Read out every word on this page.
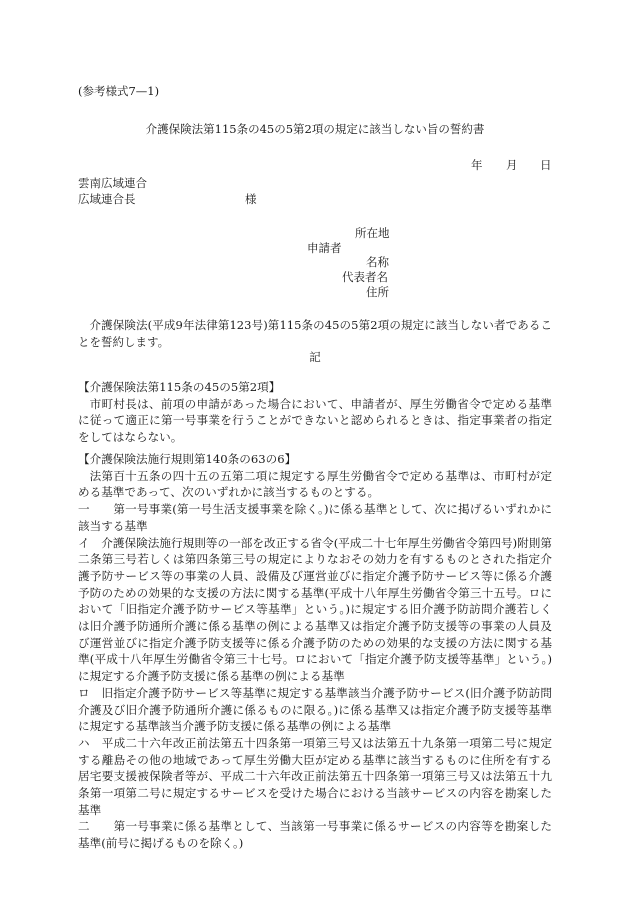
(参考様式7—1)
介護保険法第115条の45の5第2項の規定に該当しない旨の誓約書
年 月 日
雲南広域連合
広域連合長	様
所在地
申請者
名称
代表者名
住所
介護保険法(平成9年法律第123号)第115条の45の5第2項の規定に該当しない者であることを誓約します。
記
【介護保険法第115条の45の5第2項】
市町村長は、前項の申請があった場合において、申請者が、厚生労働省令で定める基準に従って適正に第一号事業を行うことができないと認められるときは、指定事業者の指定をしてはならない。
【介護保険法施行規則第140条の63の6】
法第百十五条の四十五の五第二項に規定する厚生労働省令で定める基準は、市町村が定める基準であって、次のいずれかに該当するものとする。
一　　第一号事業(第一号生活支援事業を除く。)に係る基準として、次に掲げるいずれかに該当する基準
イ　介護保険法施行規則等の一部を改正する省令(平成二十七年厚生労働省令第四号)附則第二条第三号若しくは第四条第三号の規定によりなおその効力を有するものとされた指定介護予防サービス等の事業の人員、設備及び運営並びに指定介護予防サービス等に係る介護予防のための効果的な支援の方法に関する基準(平成十八年厚生労働省令第三十五号。ロにおいて「旧指定介護予防サービス等基準」という。)に規定する旧介護予防訪問介護若しくは旧介護予防通所介護に係る基準の例による基準又は指定介護予防支援等の事業の人員及び運営並びに指定介護予防支援等に係る介護予防のための効果的な支援の方法に関する基準(平成十八年厚生労働省令第三十七号。ロにおいて「指定介護予防支援等基準」という。)に規定する介護予防支援に係る基準の例による基準
ロ　旧指定介護予防サービス等基準に規定する基準該当介護予防サービス(旧介護予防訪問介護及び旧介護予防通所介護に係るものに限る。)に係る基準又は指定介護予防支援等基準に規定する基準該当介護予防支援に係る基準の例による基準
ハ　平成二十六年改正前法第五十四条第一項第三号又は法第五十九条第一項第二号に規定する離島その他の地域であって厚生労働大臣が定める基準に該当するものに住所を有する居宅要支援被保険者等が、平成二十六年改正前法第五十四条第一項第三号又は法第五十九条第一項第二号に規定するサービスを受けた場合における当該サービスの内容を勘案した基準
二　　第一号事業に係る基準として、当該第一号事業に係るサービスの内容等を勘案した基準(前号に掲げるものを除く。)
